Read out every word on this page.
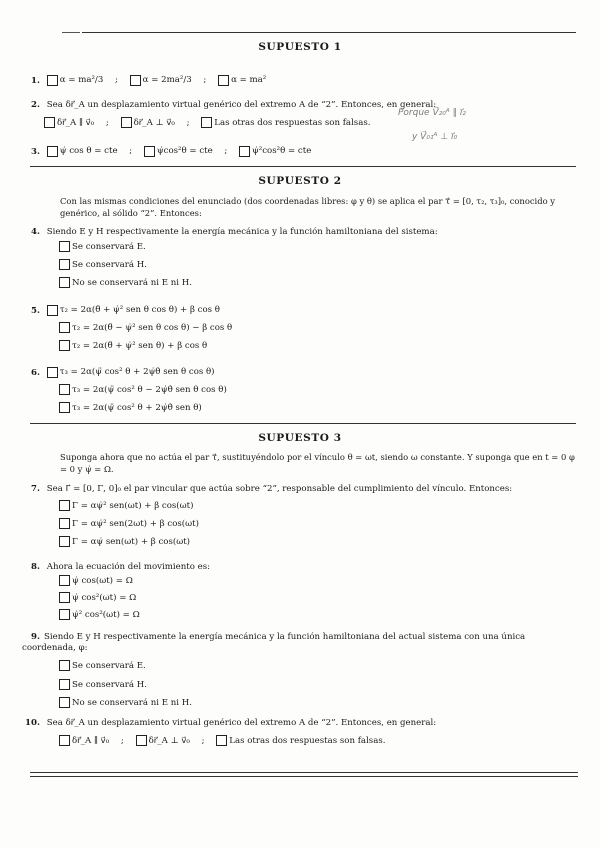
SUPUESTO 1
1. α = ma²/3 ;	α = 2ma²/3 ;	α = ma²
2. Sea δr⃗_A un desplazamiento virtual genérico del extremo A de “2”. Entonces, en general:
δr⃗_A ∥ v⃗₀ ;	δr⃗_A ⊥ v⃗₀ ;	Las otras dos respuestas son falsas.
Porque V⃗₂₀ᴬ ∥ i⃗₂
y V⃗₀₁ᴬ ⊥ i⃗₀
3. ψ̇ cos θ = cte ;	ψ̇cos²θ = cte ;	ψ̇²cos²θ = cte
SUPUESTO 2
Con las mismas condiciones del enunciado (dos coordenadas libres: φ y θ) se aplica el par τ⃗ = [0, τ₂, τ₃]₀, conocido y genérico, al sólido “2”. Entonces:
4. Siendo E y H respectivamente la energía mecánica y la función hamiltoniana del sistema:
Se conservará E.
Se conservará H.
No se conservará ni E ni H.
5. τ₂ = 2α(θ̈ + ψ̇² sen θ cos θ) + β cos θ
τ₂ = 2α(θ̈ − ψ̇² sen θ cos θ) − β cos θ
τ₂ = 2α(θ̈ + ψ̇² sen θ) + β cos θ
6. τ₃ = 2α(ψ̈ cos² θ + 2ψ̇θ̇ sen θ cos θ)
τ₃ = 2α(ψ̈ cos² θ − 2ψ̇θ̇ sen θ cos θ)
τ₃ = 2α(ψ̈ cos² θ + 2ψ̇θ̇ sen θ)
SUPUESTO 3
Suponga ahora que no actúa el par τ⃗, sustituyéndolo por el vínculo θ = ωt, siendo ω constante. Y suponga que en t = 0 φ = 0 y ψ̇ = Ω.
7. Sea Γ⃗ = [0, Γ, 0]₀ el par vincular que actúa sobre “2”, responsable del cumplimiento del vínculo. Entonces:
Γ = αψ̇² sen(ωt) + β cos(ωt)
Γ = αψ̇² sen(2ωt) + β cos(ωt)
Γ = αψ̇ sen(ωt) + β cos(ωt)
8. Ahora la ecuación del movimiento es:
ψ̇ cos(ωt) = Ω
ψ̇ cos²(ωt) = Ω
ψ̇² cos²(ωt) = Ω
9. Siendo E y H respectivamente la energía mecánica y la función hamiltoniana del actual sistema con una única coordenada, φ:
Se conservará E.
Se conservará H.
No se conservará ni E ni H.
10. Sea δr⃗_A un desplazamiento virtual genérico del extremo A de “2”. Entonces, en general:
δr⃗_A ∥ v⃗₀ ;	δr⃗_A ⊥ v⃗₀ ;	Las otras dos respuestas son falsas.
